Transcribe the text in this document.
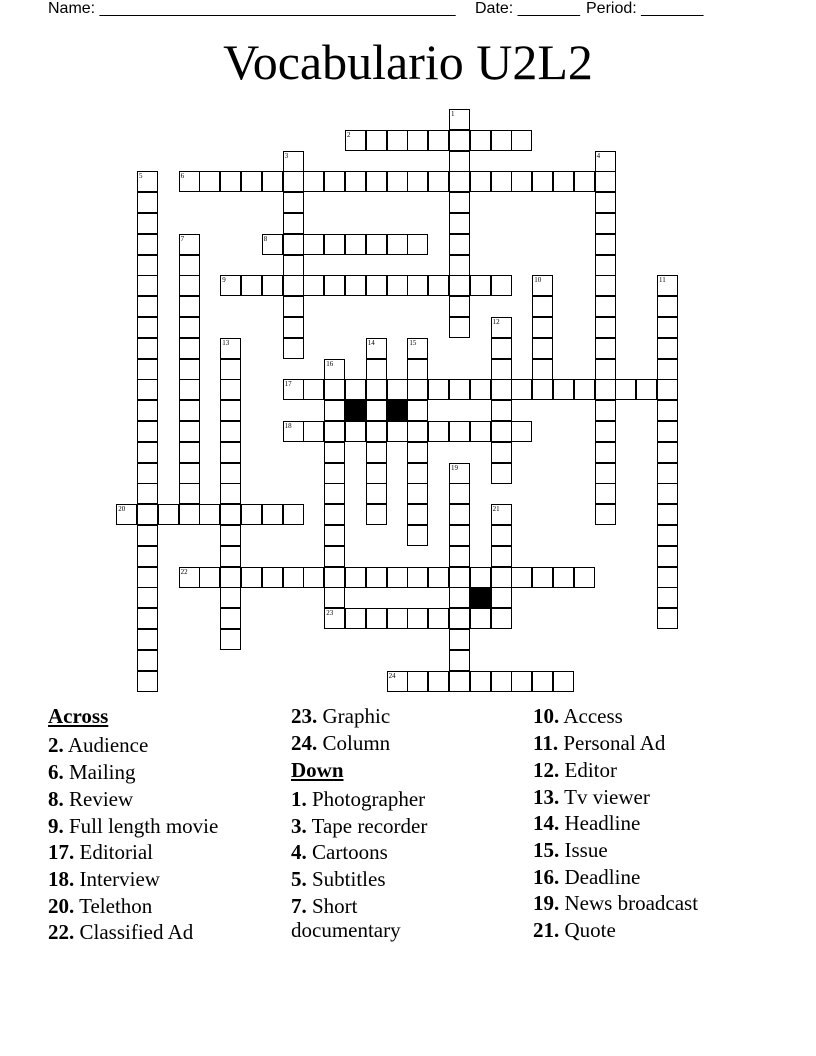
Name: ________________________________________ Date: _______ Period: _______
Vocabulario U2L2
1
2
3	4
5	6
7	8
9	10	11
12
13	14	15
16
17
18
19
20	21
22
23
24
Across
2. Audience
6. Mailing
8. Review
9. Full length movie
17. Editorial
18. Interview
20. Telethon
22. Classified Ad
23. Graphic
24. Column
Down
1. Photographer
3. Tape recorder
4. Cartoons
5. Subtitles
7. Short
documentary
10. Access
11. Personal Ad
12. Editor
13. Tv viewer
14. Headline
15. Issue
16. Deadline
19. News broadcast
21. Quote
